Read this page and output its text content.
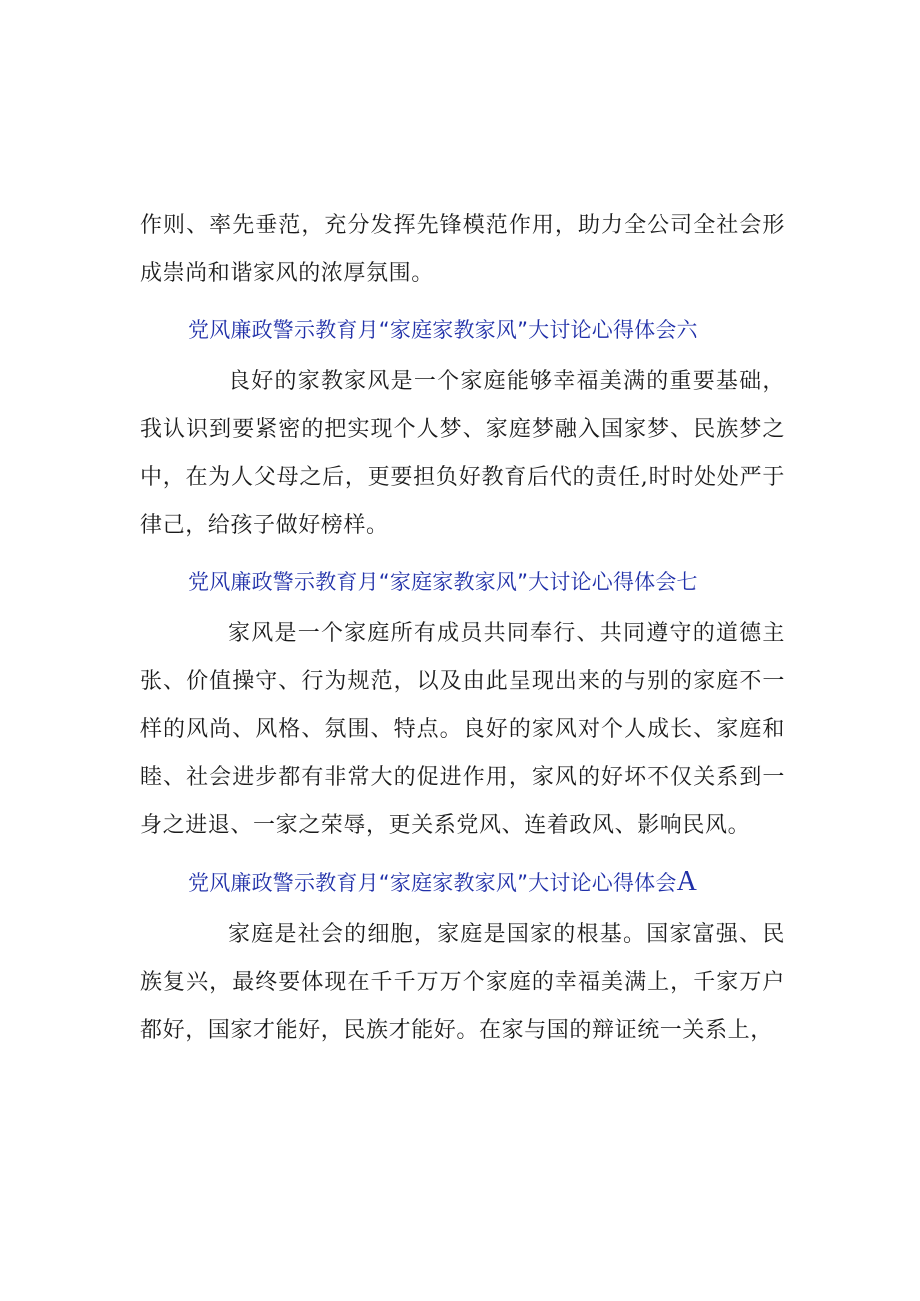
作则、率先垂范，充分发挥先锋模范作用，助力全公司全社会形成崇尚和谐家风的浓厚氛围。

党风廉政警示教育月“家庭家教家风”大讨论心得体会六

良好的家教家风是一个家庭能够幸福美满的重要基础，我认识到要紧密的把实现个人梦、家庭梦融入国家梦、民族梦之中，在为人父母之后，更要担负好教育后代的责任,时时处处严于律己，给孩子做好榜样。

党风廉政警示教育月“家庭家教家风”大讨论心得体会七

家风是一个家庭所有成员共同奉行、共同遵守的道德主张、价值操守、行为规范，以及由此呈现出来的与别的家庭不一样的风尚、风格、氛围、特点。良好的家风对个人成长、家庭和睦、社会进步都有非常大的促进作用，家风的好坏不仅关系到一身之进退、一家之荣辱，更关系党风、连着政风、影响民风。

党风廉政警示教育月“家庭家教家风”大讨论心得体会A

家庭是社会的细胞，家庭是国家的根基。国家富强、民族复兴，最终要体现在千千万万个家庭的幸福美满上，千家万户都好，国家才能好，民族才能好。在家与国的辩证统一关系上，
